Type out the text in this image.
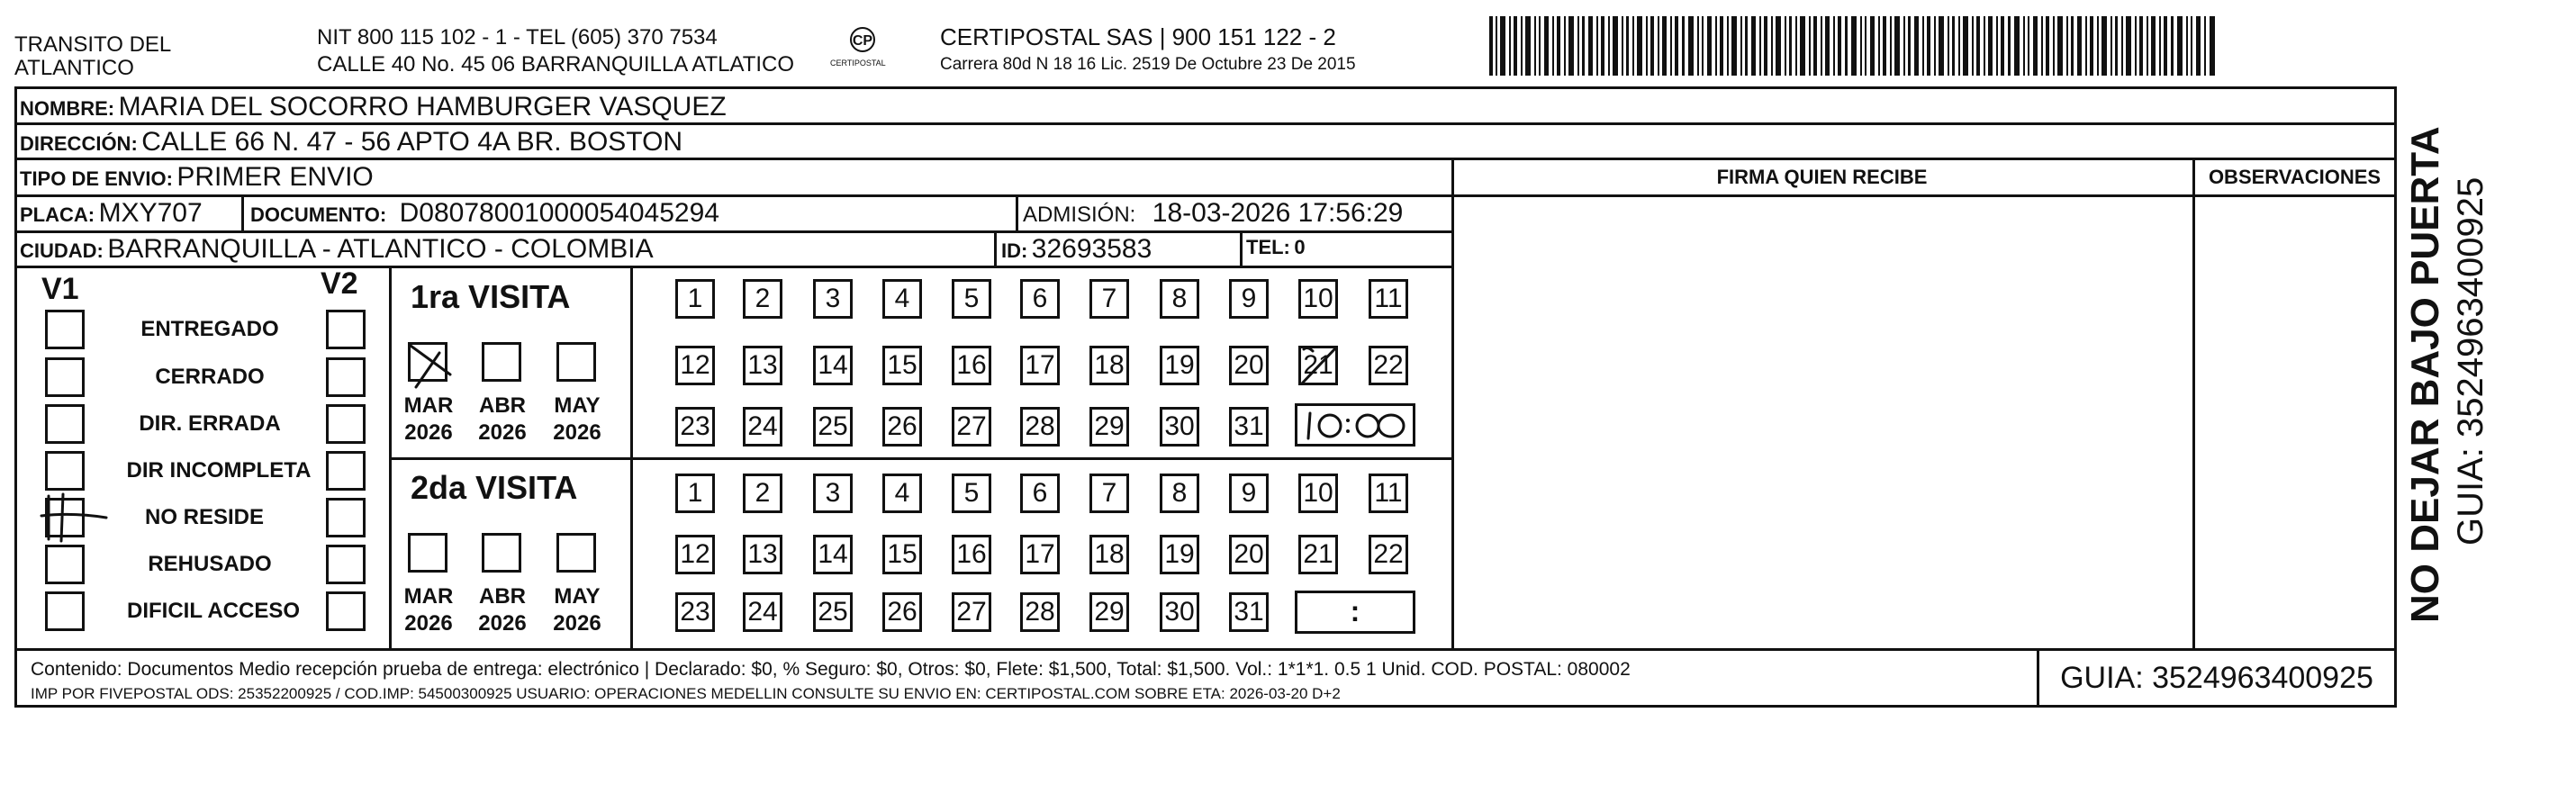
TRANSITO DEL
ATLANTICO
NIT 800 115 102 - 1 - TEL (605) 370 7534
CALLE 40 No. 45 06 BARRANQUILLA ATLATICO
CP
CERTIPOSTAL
CERTIPOSTAL SAS | 900 151 122 - 2
Carrera 80d N 18 16 Lic. 2519 De Octubre 23 De 2015
NOMBRE: MARIA DEL SOCORRO HAMBURGER VASQUEZ
DIRECCIÓN: CALLE 66 N. 47 - 56 APTO 4A BR. BOSTON
TIPO DE ENVIO: PRIMER ENVIO	FIRMA QUIEN RECIBE	OBSERVACIONES
PLACA: MXY707 DOCUMENTO: D08078001000054045294	ADMISIÓN: 18-03-2026 17:56:29
CIUDAD: BARRANQUILLA - ATLANTICO - COLOMBIA	ID: 32693583	TEL: 0
V1	V2
ENTREGADO
CERRADO
DIR. ERRADA
DIR INCOMPLETA
NO RESIDE
REHUSADO
DIFICIL ACCESO
1ra VISITA
MAR
2026
ABR
2026
MAY
2026
1	2	3	4	5	6	7	8	9	10 11
12 13 14 15 16 17 18 19 20 21 22
23 24 25 26 27 28 29 30 31
2da VISITA
MAR
2026
ABR
2026
MAY
2026
1	2	3	4	5	6	7	8	9	10 11
12 13 14 15 16 17 18 19 20 21 22
23 24 25 26 27 28 29 30 31	:
Contenido: Documentos Medio recepción prueba de entrega: electrónico | Declarado: $0, % Seguro: $0, Otros: $0, Flete: $1,500, Total: $1,500. Vol.: 1*1*1. 0.5 1 Unid. COD. POSTAL: 080002
IMP POR FIVEPOSTAL ODS: 25352200925 / COD.IMP: 54500300925 USUARIO: OPERACIONES MEDELLIN CONSULTE SU ENVIO EN: CERTIPOSTAL.COM SOBRE ETA: 2026-03-20 D+2	GUIA: 3524963400925
NO DEJAR BAJO PUERTA GUIA: 3524963400925
